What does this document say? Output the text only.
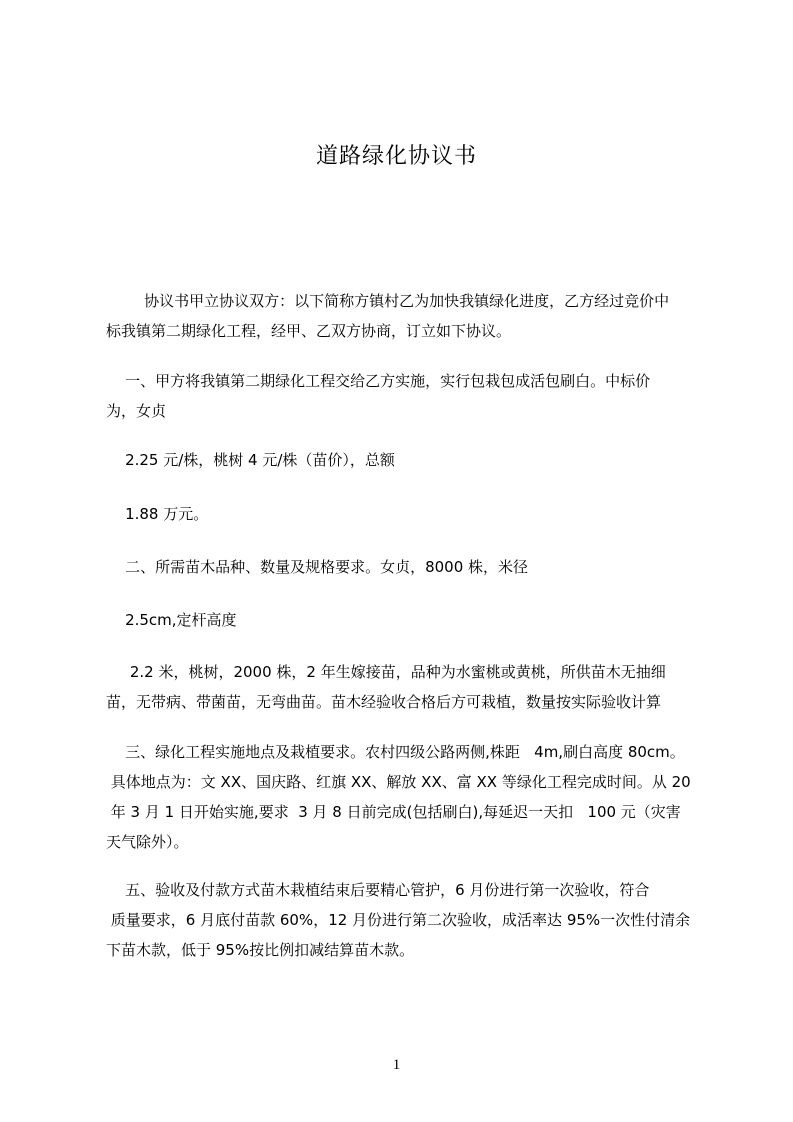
道路绿化协议书
协议书甲立协议双方：以下简称方镇村乙为加快我镇绿化进度，乙方经过竞价中
标我镇第二期绿化工程，经甲、乙双方协商，订立如下协议。
一、甲方将我镇第二期绿化工程交给乙方实施，实行包栽包成活包刷白。中标价
为，女贞
2.25 元/株，桃树 4 元/株（苗价），总额
1.88 万元。
二、所需苗木品种、数量及规格要求。女贞，8000 株，米径
2.5cm,定杆高度
2.2 米，桃树，2000 株，2 年生嫁接苗，品种为水蜜桃或黄桃，所供苗木无抽细
苗，无带病、带菌苗，无弯曲苗。苗木经验收合格后方可栽植，数量按实际验收计算
三、绿化工程实施地点及栽植要求。农村四级公路两侧,株距   4m,刷白高度 80cm。
具体地点为：文 XX、国庆路、红旗 XX、解放 XX、富 XX 等绿化工程完成时间。从 20
年 3 月 1 日开始实施,要求  3 月 8 日前完成(包括刷白),每延迟一天扣   100 元（灾害
天气除外）。
五、验收及付款方式苗木栽植结束后要精心管护，6 月份进行第一次验收，符合
质量要求，6 月底付苗款 60%，12 月份进行第二次验收，成活率达 95%一次性付清余
下苗木款，低于 95%按比例扣减结算苗木款。
1
